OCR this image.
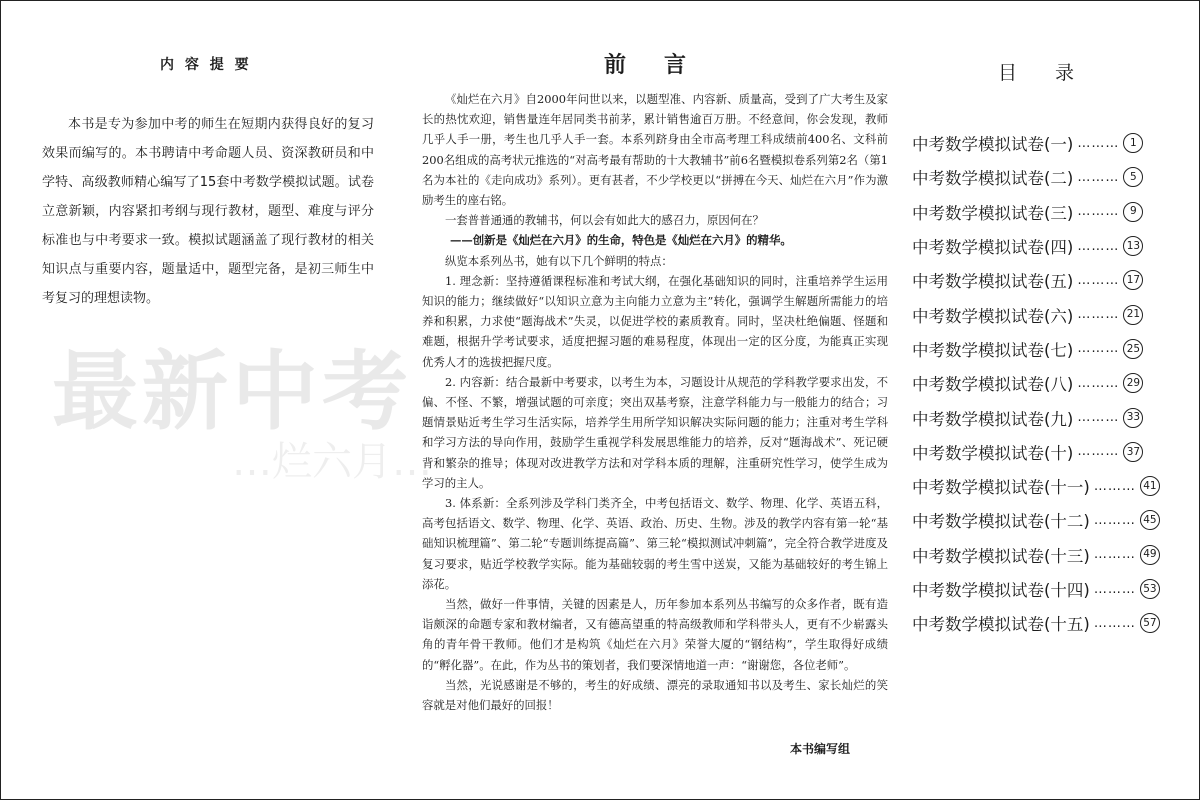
最新中考
…烂六月…
内 容 提 要

本书是专为参加中考的师生在短期内获得良好的复习效果而编写的。本书聘请中考命题人员、资深教研员和中学特、高级教师精心编写了15套中考数学模拟试题。试卷立意新颖，内容紧扣考纲与现行教材，题型、难度与评分标准也与中考要求一致。模拟试题涵盖了现行教材的相关知识点与重要内容，题量适中，题型完备，是初三师生中考复习的理想读物。

前言

《灿烂在六月》自2000年问世以来，以题型准、内容新、质量高，受到了广大考生及家长的热忱欢迎，销售量连年居同类书前茅，累计销售逾百万册。不经意间，你会发现，教师几乎人手一册，考生也几乎人手一套。本系列跻身由全市高考理工科成绩前400名、文科前200名组成的高考状元推选的“对高考最有帮助的十大教辅书”前6名暨模拟卷系列第2名（第1名为本社的《走向成功》系列）。更有甚者，不少学校更以“拼搏在今天、灿烂在六月”作为激励考生的座右铭。

一套普普通通的教辅书，何以会有如此大的感召力，原因何在？

——创新是《灿烂在六月》的生命，特色是《灿烂在六月》的精华。

纵览本系列丛书，她有以下几个鲜明的特点：

1. 理念新：坚持遵循课程标准和考试大纲，在强化基础知识的同时，注重培养学生运用知识的能力；继续做好“以知识立意为主向能力立意为主”转化，强调学生解题所需能力的培养和积累，力求使“题海战术”失灵，以促进学校的素质教育。同时，坚决杜绝偏题、怪题和难题，根据升学考试要求，适度把握习题的难易程度，体现出一定的区分度，为能真正实现优秀人才的选拔把握尺度。

2. 内容新：结合最新中考要求，以考生为本，习题设计从规范的学科教学要求出发，不偏、不怪、不繁，增强试题的可亲度；突出双基考察，注意学科能力与一般能力的结合；习题情景贴近考生学习生活实际，培养学生用所学知识解决实际问题的能力；注重对考生学科和学习方法的导向作用，鼓励学生重视学科发展思维能力的培养，反对“题海战术”、死记硬背和繁杂的推导；体现对改进教学方法和对学科本质的理解，注重研究性学习，使学生成为学习的主人。

3. 体系新：全系列涉及学科门类齐全，中考包括语文、数学、物理、化学、英语五科，高考包括语文、数学、物理、化学、英语、政治、历史、生物。涉及的教学内容有第一轮“基础知识梳理篇”、第二轮“专题训练提高篇”、第三轮“模拟测试冲刺篇”，完全符合教学进度及复习要求，贴近学校教学实际。能为基础较弱的考生雪中送炭，又能为基础较好的考生锦上添花。

当然，做好一件事情，关键的因素是人，历年参加本系列丛书编写的众多作者，既有造诣颇深的命题专家和教材编者，又有德高望重的特高级教师和学科带头人，更有不少崭露头角的青年骨干教师。他们才是构筑《灿烂在六月》荣誉大厦的“钢结构”，学生取得好成绩的“孵化器”。在此，作为丛书的策划者，我们要深情地道一声：“谢谢您，各位老师”。

当然，光说感谢是不够的，考生的好成绩、漂亮的录取通知书以及考生、家长灿烂的笑容就是对他们最好的回报！

本书编写组

目录
中考数学模拟试卷(一) ………	1
中考数学模拟试卷(二) ………	5
中考数学模拟试卷(三) ………	9
中考数学模拟试卷(四) ……… 13
中考数学模拟试卷(五) ……… 17
中考数学模拟试卷(六) ……… 21
中考数学模拟试卷(七) ……… 25
中考数学模拟试卷(八) ……… 29
中考数学模拟试卷(九) ……… 33
中考数学模拟试卷(十) ……… 37
中考数学模拟试卷(十一) ……… 41
中考数学模拟试卷(十二) ……… 45
中考数学模拟试卷(十三) ……… 49
中考数学模拟试卷(十四) ……… 53
中考数学模拟试卷(十五) ……… 57
